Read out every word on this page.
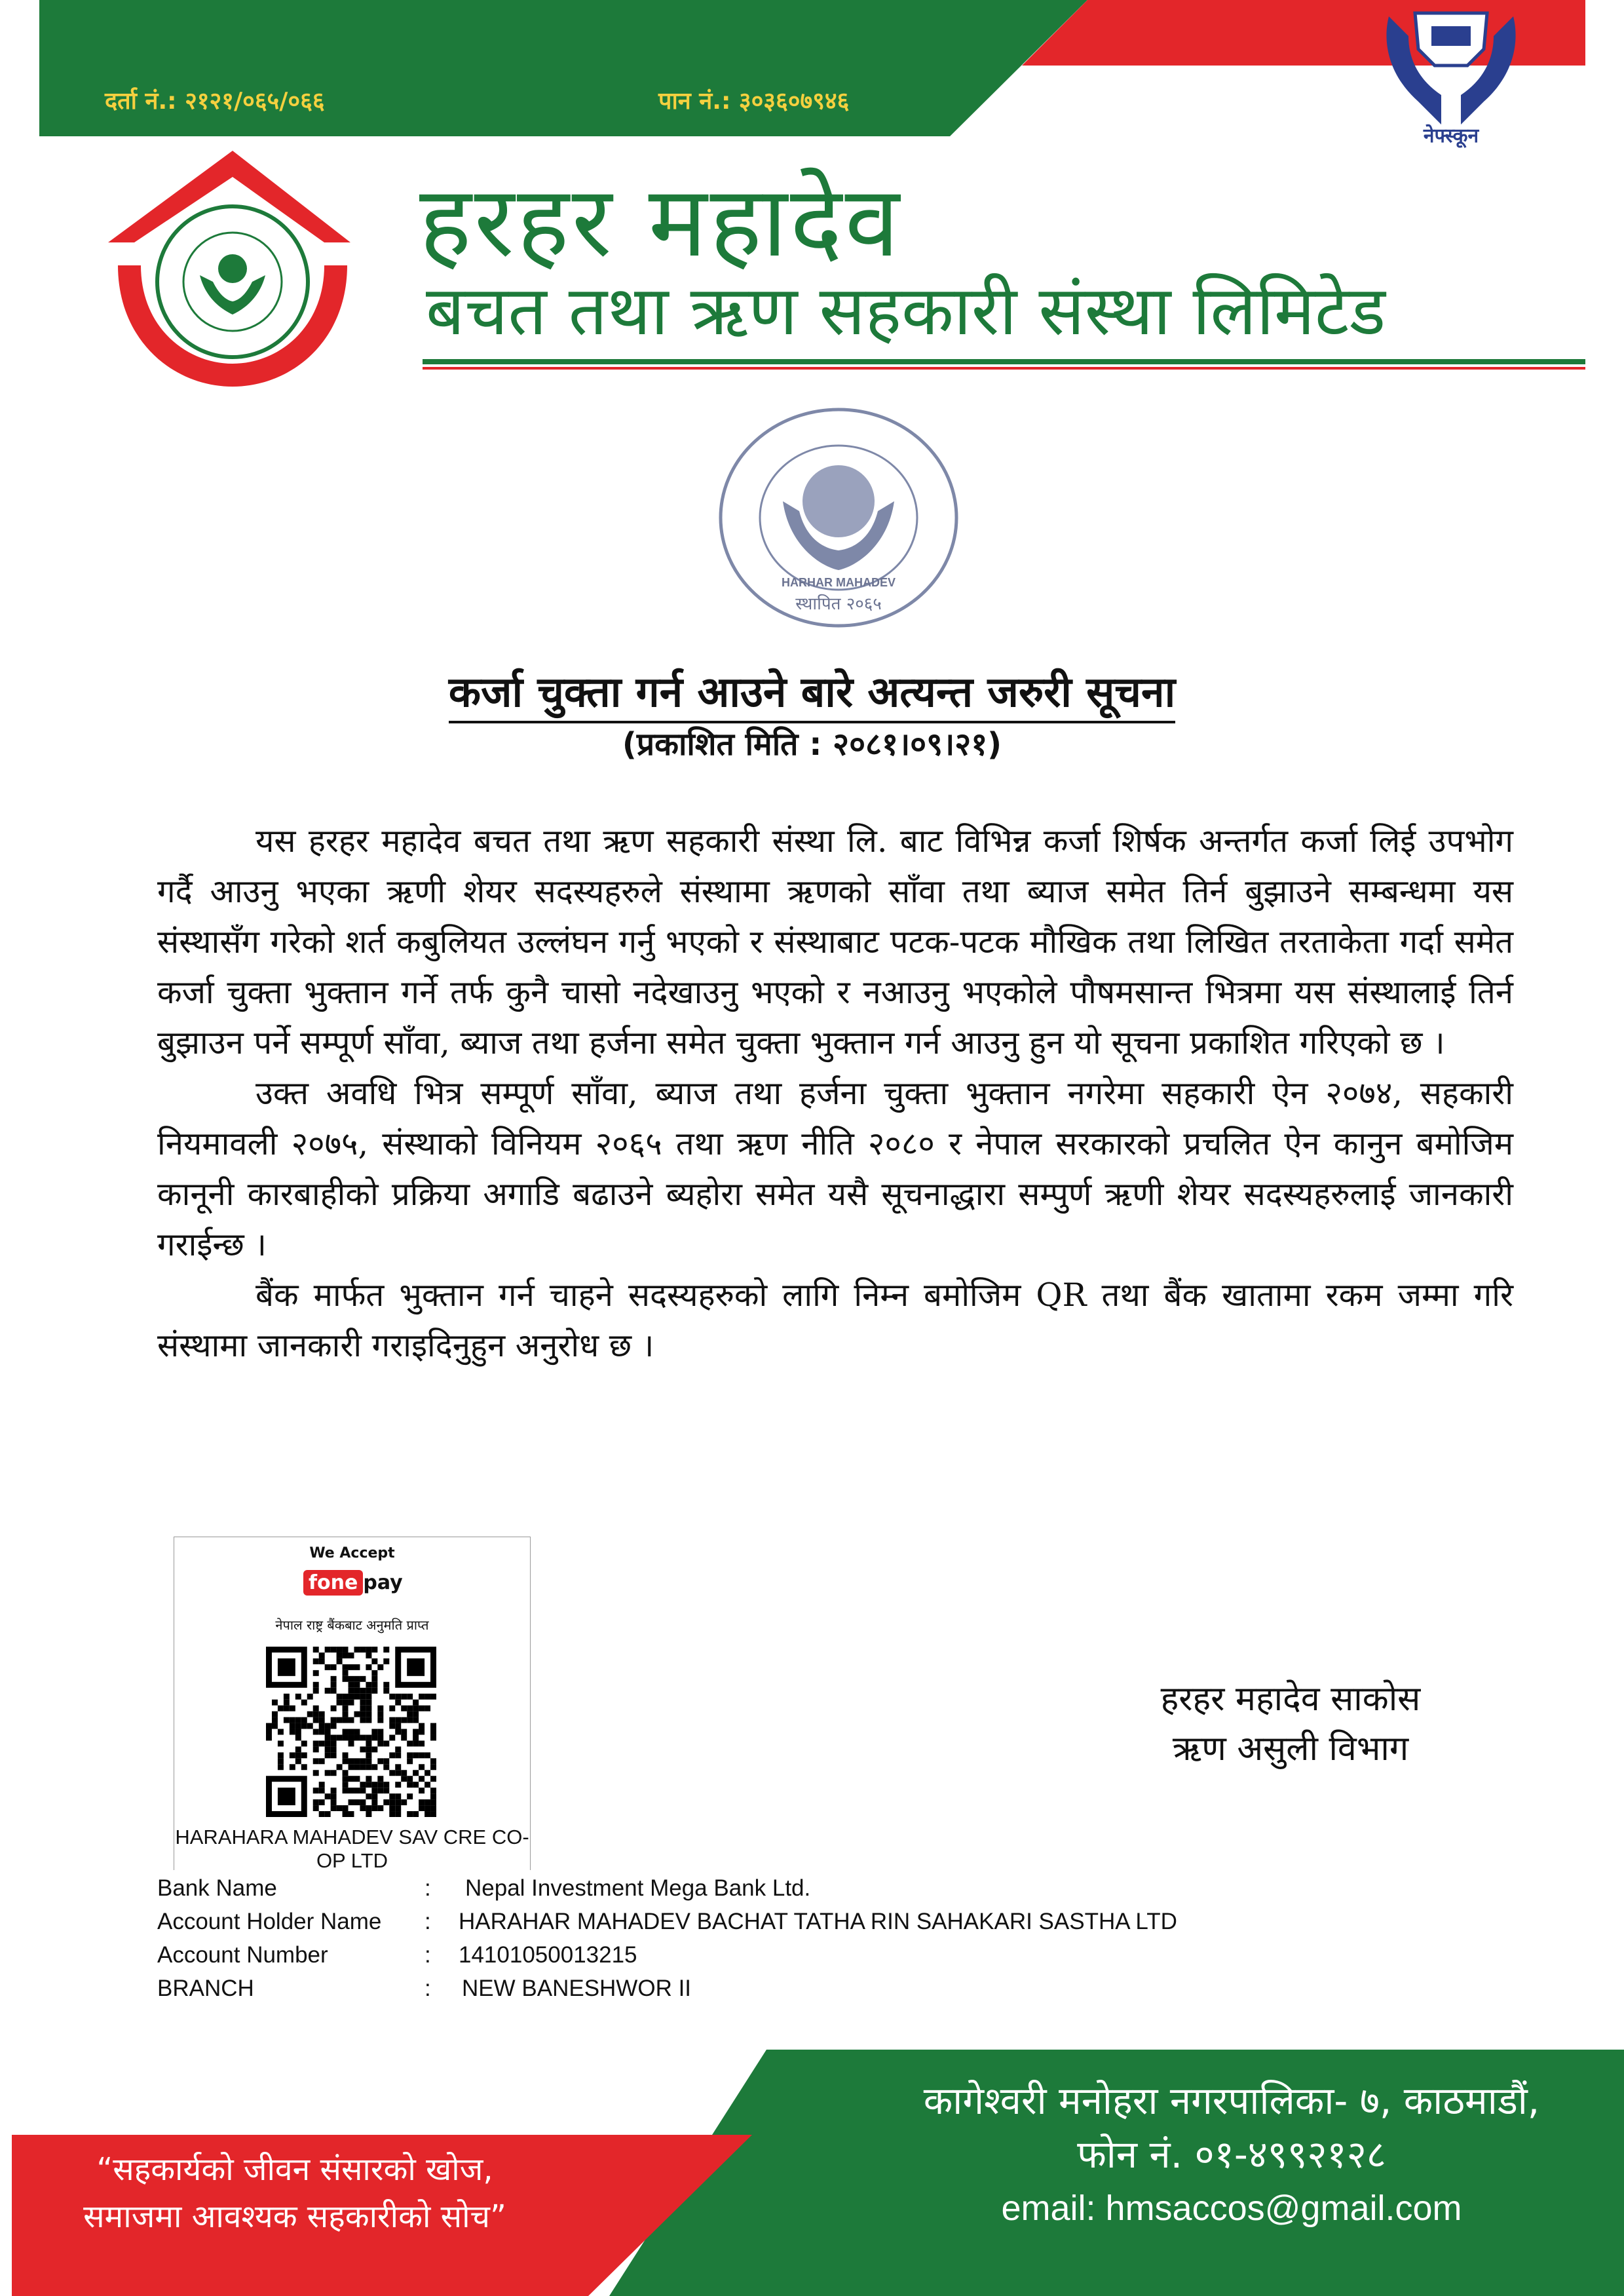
दर्ता नं.: २१२१/०६५/०६६	पान नं.: ३०३६०७९४६
नेफ्स्कून
हरहर महादेव
बचत तथा ऋण सहकारी संस्था लिमिटेड
HARHAR MAHADEV
स्थापित २०६५
कर्जा चुक्ता गर्न आउने बारे अत्यन्त जरुरी सूचना
(प्रकाशित मिति : २०८१।०९।२१)

यस हरहर महादेव बचत तथा ऋण सहकारी संस्था लि. बाट विभिन्न कर्जा शिर्षक अन्तर्गत कर्जा लिई उपभोग गर्दै आउनु भएका ऋणी शेयर सदस्यहरुले संस्थामा ऋणको साँवा तथा ब्याज समेत तिर्न बुझाउने सम्बन्धमा यस संस्थासँग गरेको शर्त कबुलियत उल्लंघन गर्नु भएको र संस्थाबाट पटक-पटक मौखिक तथा लिखित तरताकेता गर्दा समेत कर्जा चुक्ता भुक्तान गर्ने तर्फ कुनै चासो नदेखाउनु भएको र नआउनु भएकोले पौषमसान्त भित्रमा यस संस्थालाई तिर्न बुझाउन पर्ने सम्पूर्ण साँवा, ब्याज तथा हर्जना समेत चुक्ता भुक्तान गर्न आउनु हुन यो सूचना प्रकाशित गरिएको छ ।

उक्त अवधि भित्र सम्पूर्ण साँवा, ब्याज तथा हर्जना चुक्ता भुक्तान नगरेमा सहकारी ऐन २०७४, सहकारी नियमावली २०७५, संस्थाको विनियम २०६५ तथा ऋण नीति २०८० र नेपाल सरकारको प्रचलित ऐन कानुन बमोजिम कानूनी कारबाहीको प्रक्रिया अगाडि बढाउने ब्यहोरा समेत यसै सूचनाद्धारा सम्पुर्ण ऋणी शेयर सदस्यहरुलाई जानकारी गराईन्छ ।

बैंक मार्फत भुक्तान गर्न चाहने सदस्यहरुको लागि निम्न बमोजिम QR तथा बैंक खातामा रकम जम्मा गरि संस्थामा जानकारी गराइदिनुहुन अनुरोध छ ।

We Accept
fone pay
नेपाल राष्ट्र बैंकबाट अनुमति प्राप्त
HARAHARA MAHADEV SAV CRE CO-OP LTD
हरहर महादेव साकोस
ऋण असुली विभाग
Bank Name	: Nepal Investment Mega Bank Ltd.
Account Holder Name : HARAHAR MAHADEV BACHAT TATHA RIN SAHAKARI SASTHA LTD
Account Number	: 14101050013215
BRANCH	: NEW BANESHWOR II
“सहकार्यको जीवन संसारको खोज,
समाजमा आवश्यक सहकारीको सोच”
कागेश्वरी मनोहरा नगरपालिका- ७, काठमाडौं,
फोन नं. ०१-४९९२१२८
email: hmsaccos@gmail.com
